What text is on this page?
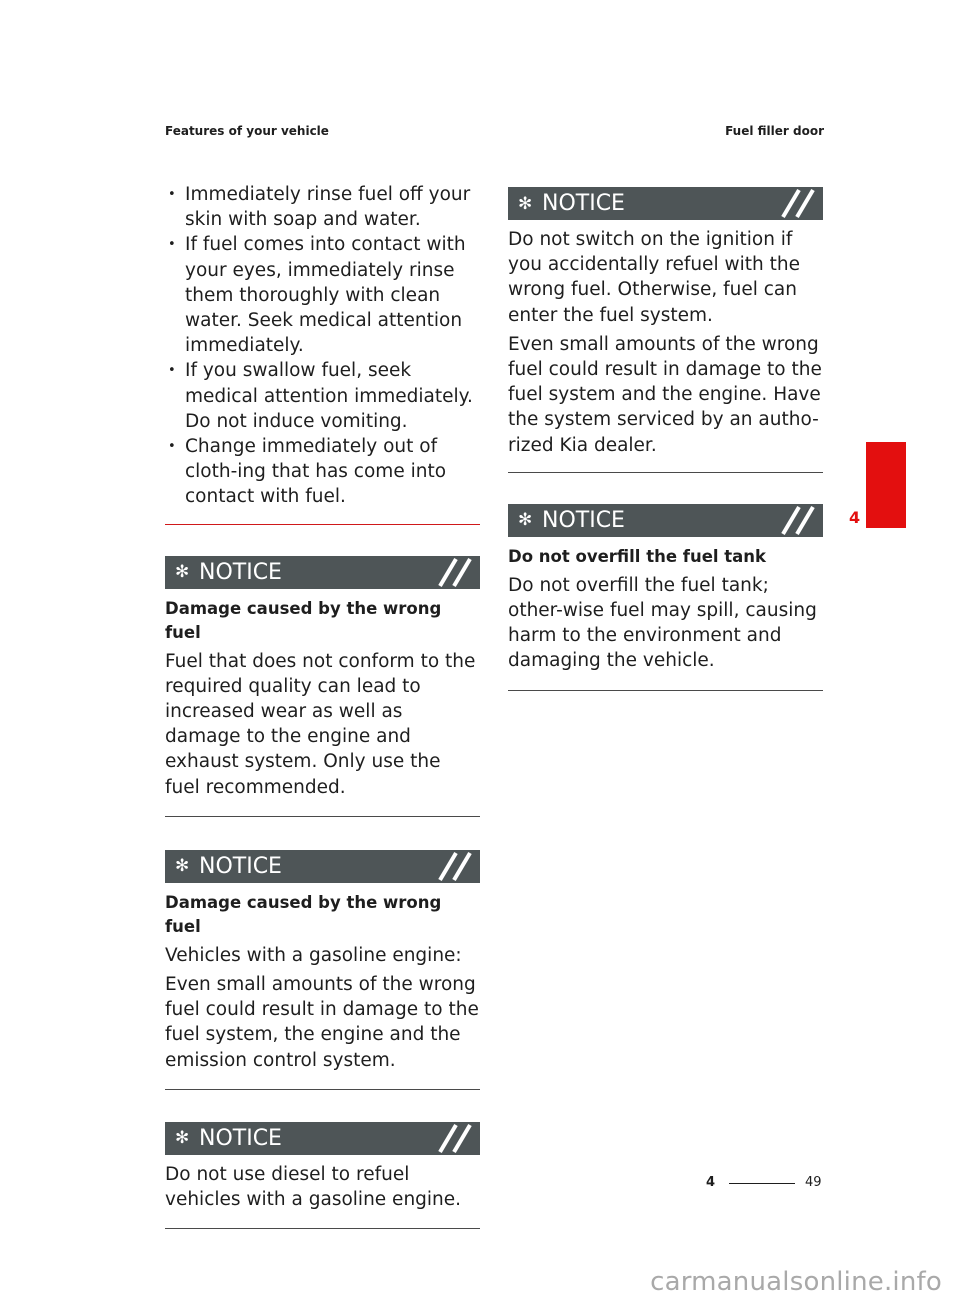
Features of your vehicle	Fuel filler door
• Immediately rinse fuel off your skin with soap and water.
• If fuel comes into contact with your eyes, immediately rinse them thoroughly with clean water. Seek medical attention immediately.
• If you swallow fuel, seek medical attention immediately. Do not induce vomiting.
• Change immediately out of cloth-ing that has come into contact with fuel.
✻ NOTICE

Damage caused by the wrong fuel

Fuel that does not conform to the required quality can lead to increased wear as well as damage to the engine and exhaust system. Only use the fuel recommended.

✻ NOTICE

Damage caused by the wrong fuel

Vehicles with a gasoline engine:

Even small amounts of the wrong fuel could result in damage to the fuel system, the engine and the emission control system.

✻ NOTICE

Do not use diesel to refuel vehicles with a gasoline engine.

✻ NOTICE

Do not switch on the ignition if you accidentally refuel with the wrong fuel. Otherwise, fuel can enter the fuel system.

Even small amounts of the wrong fuel could result in damage to the fuel system and the engine. Have the system serviced by an autho-rized Kia dealer.

✻ NOTICE

Do not overfill the fuel tank

Do not overfill the fuel tank; other-wise fuel may spill, causing harm to the environment and damaging the vehicle.

4
4	49
carmanualsonline.info
